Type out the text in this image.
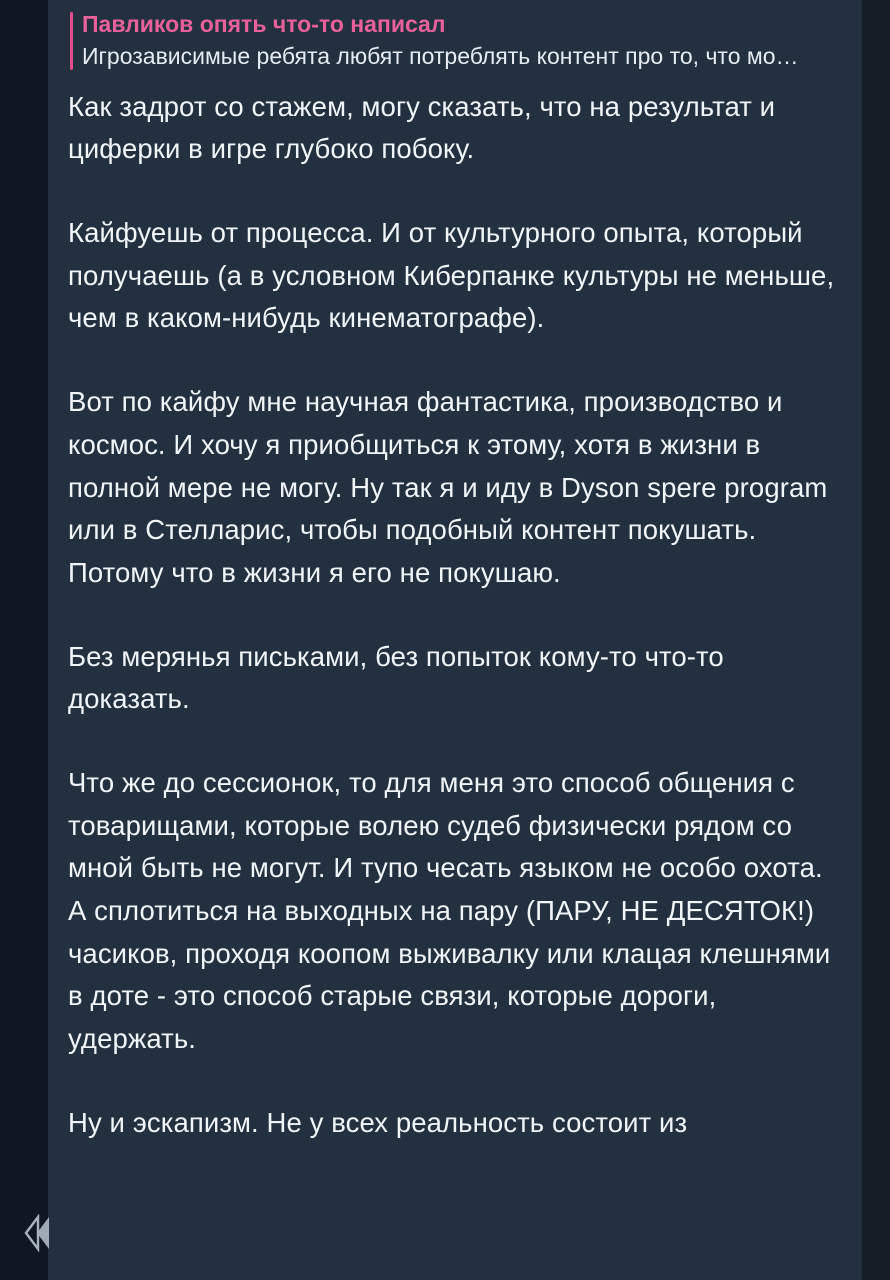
Павликов опять что-то написал
Игрозависимые ребята любят потреблять контент про то, что мо…

Как задрот со стажем, могу сказать, что на результат и циферки в игре глубоко побоку.

Кайфуешь от процесса. И от культурного опыта, который получаешь (а в условном Киберпанке культуры не меньше, чем в каком-нибудь кинематографе).

Вот по кайфу мне научная фантастика, производство и космос. И хочу я приобщиться к этому, хотя в жизни в полной мере не могу. Ну так я и иду в Dyson spere program или в Стелларис, чтобы подобный контент покушать. Потому что в жизни я его не покушаю.

Без мерянья письками, без попыток кому-то что-то доказать.

Что же до сессионок, то для меня это способ общения с товарищами, которые волею судеб физически рядом со мной быть не могут. И тупо чесать языком не особо охота. А сплотиться на выходных на пару (ПАРУ, НЕ ДЕСЯТОК!) часиков, проходя коопом выживалку или клацая клешнями в доте - это способ старые связи, которые дороги, удержать.

Ну и эскапизм. Не у всех реальность состоит из
